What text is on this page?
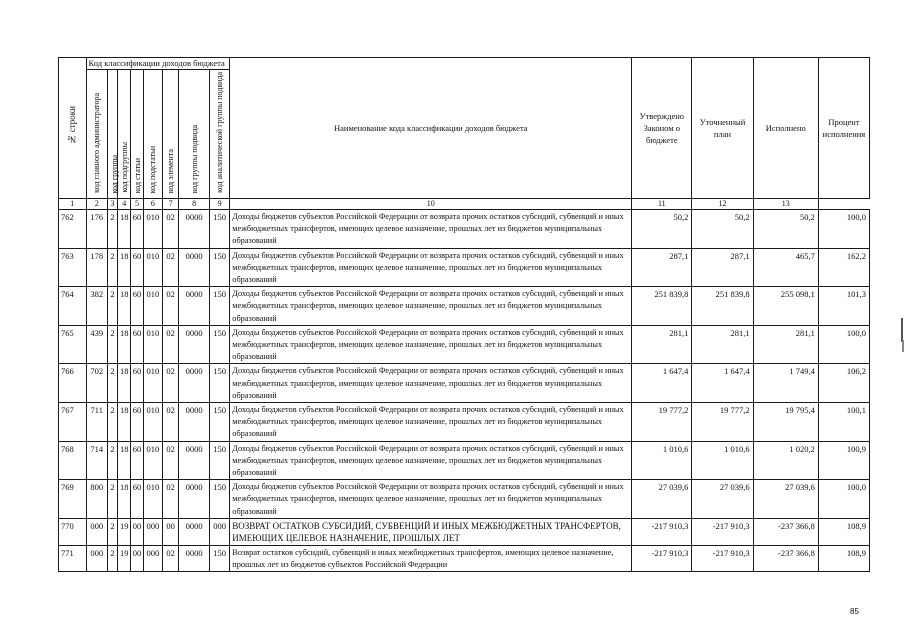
№ строки	Код классификации доходов бюджета								Наименование кода классификации доходов бюджета	Утверждено Законом о бюджете	Уточненный план	Исполнено	Процент исполнения
	код главного администратора	код группы	код подгруппы	код статьи	код подстатьи	код элемента	код группы подвида	код аналитической группы подвида					
1	2	3	4	5	6	7	8	9	10	11	12	13	
762	176	2	18	60	010	02	0000	150	Доходы бюджетов субъектов Российской Федерации от возврата прочих остатков субсидий, субвенций и иных межбюджетных трансфертов, имеющих целевое назначение, прошлых лет из бюджетов муниципальных образований	50,2	50,2	50,2	100,0
763	178	2	18	60	010	02	0000	150	Доходы бюджетов субъектов Российской Федерации от возврата прочих остатков субсидий, субвенций и иных межбюджетных трансфертов, имеющих целевое назначение, прошлых лет из бюджетов муниципальных образований	287,1	287,1	465,7	162,2
764	382	2	18	60	010	02	0000	150	Доходы бюджетов субъектов Российской Федерации от возврата прочих остатков субсидий, субвенций и иных межбюджетных трансфертов, имеющих целевое назначение, прошлых лет из бюджетов муниципальных образований	251 839,8	251 839,8	255 098,1	101,3
765	439	2	18	60	010	02	0000	150	Доходы бюджетов субъектов Российской Федерации от возврата прочих остатков субсидий, субвенций и иных межбюджетных трансфертов, имеющих целевое назначение, прошлых лет из бюджетов муниципальных образований	281,1	281,1	281,1	100,0
766	702	2	18	60	010	02	0000	150	Доходы бюджетов субъектов Российской Федерации от возврата прочих остатков субсидий, субвенций и иных межбюджетных трансфертов, имеющих целевое назначение, прошлых лет из бюджетов муниципальных образований	1 647,4	1 647,4	1 749,4	106,2
767	711	2	18	60	010	02	0000	150	Доходы бюджетов субъектов Российской Федерации от возврата прочих остатков субсидий, субвенций и иных межбюджетных трансфертов, имеющих целевое назначение, прошлых лет из бюджетов муниципальных образований	19 777,2	19 777,2	19 795,4	100,1
768	714	2	18	60	010	02	0000	150	Доходы бюджетов субъектов Российской Федерации от возврата прочих остатков субсидий, субвенций и иных межбюджетных трансфертов, имеющих целевое назначение, прошлых лет из бюджетов муниципальных образований	1 010,6	1 010,6	1 020,2	100,9
769	800	2	18	60	010	02	0000	150	Доходы бюджетов субъектов Российской Федерации от возврата прочих остатков субсидий, субвенций и иных межбюджетных трансфертов, имеющих целевое назначение, прошлых лет из бюджетов муниципальных образований	27 039,6	27 039,6	27 039,6	100,0
770	000	2	19	00	000	00	0000	000	ВОЗВРАТ ОСТАТКОВ СУБСИДИЙ, СУБВЕНЦИЙ И ИНЫХ МЕЖБЮДЖЕТНЫХ ТРАНСФЕРТОВ, ИМЕЮЩИХ ЦЕЛЕВОЕ НАЗНАЧЕНИЕ, ПРОШЛЫХ ЛЕТ	-217 910,3	-217 910,3	-237 366,8	108,9
771	000	2	19	00	000	02	0000	150	Возврат остатков субсидий, субвенций и иных межбюджетных трансфертов, имеющих целевое назначение, прошлых лет из бюджетов субъектов Российской Федерации	-217 910,3	-217 910,3	-237 366,8	108,9
85
